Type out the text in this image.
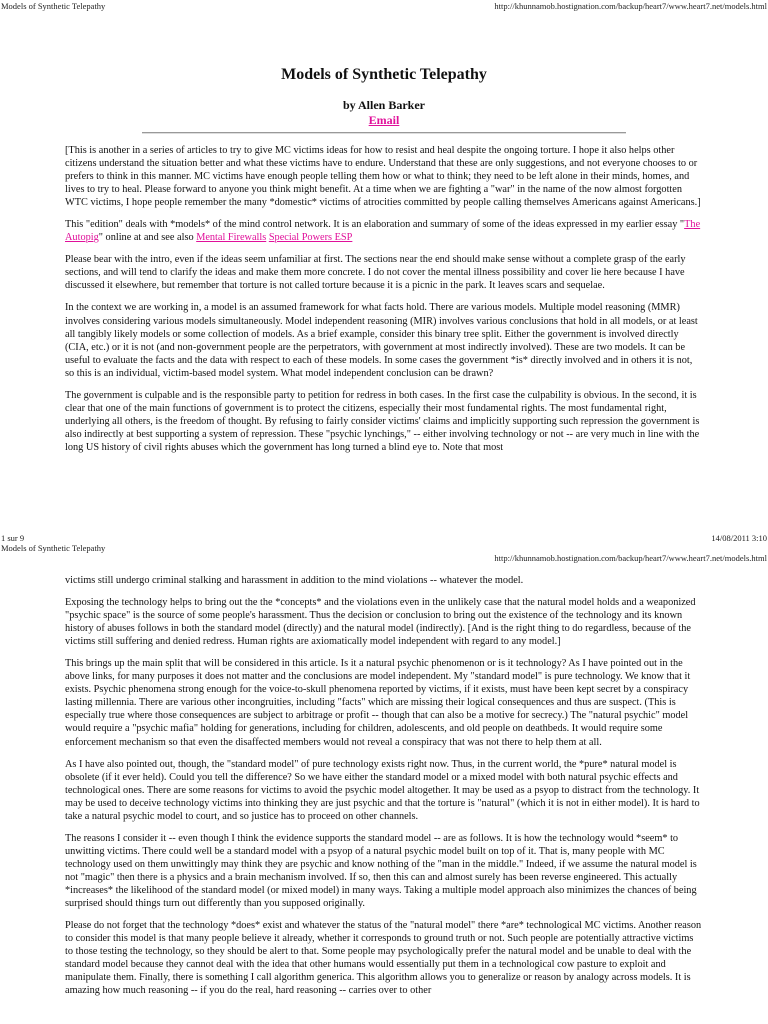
Models of Synthetic Telepathy	http://khunnamob.hostignation.com/backup/heart7/www.heart7.net/models.html
Models of Synthetic Telepathy
by Allen Barker
Email

[This is another in a series of articles to try to give MC victims ideas for how to resist and heal despite the ongoing torture. I hope it also helps other citizens understand the situation better and what these victims have to endure. Understand that these are only suggestions, and not everyone chooses to or prefers to think in this manner. MC victims have enough people telling them how or what to think; they need to be left alone in their minds, homes, and lives to try to heal. Please forward to anyone you think might benefit. At a time when we are fighting a "war" in the name of the now almost forgotten WTC victims, I hope people remember the many *domestic* victims of atrocities committed by people calling themselves Americans against Americans.]

This "edition" deals with *models* of the mind control network. It is an elaboration and summary of some of the ideas expressed in my earlier essay "The Autopig" online at and see also Mental Firewalls Special Powers ESP

Please bear with the intro, even if the ideas seem unfamiliar at first. The sections near the end should make sense without a complete grasp of the early sections, and will tend to clarify the ideas and make them more concrete. I do not cover the mental illness possibility and cover lie here because I have discussed it elsewhere, but remember that torture is not called torture because it is a picnic in the park. It leaves scars and sequelae.

In the context we are working in, a model is an assumed framework for what facts hold. There are various models. Multiple model reasoning (MMR) involves considering various models simultaneously. Model independent reasoning (MIR) involves various conclusions that hold in all models, or at least all tangibly likely models or some collection of models. As a brief example, consider this binary tree split. Either the government is involved directly (CIA, etc.) or it is not (and non-government people are the perpetrators, with government at most indirectly involved). These are two models. It can be useful to evaluate the facts and the data with respect to each of these models. In some cases the government *is* directly involved and in others it is not, so this is an individual, victim-based model system. What model independent conclusion can be drawn?

The government is culpable and is the responsible party to petition for redress in both cases. In the first case the culpability is obvious. In the second, it is clear that one of the main functions of government is to protect the citizens, especially their most fundamental rights. The most fundamental right, underlying all others, is the freedom of thought. By refusing to fairly consider victims' claims and implicitly supporting such repression the government is also indirectly at best supporting a system of repression. These "psychic lynchings," -- either involving technology or not -- are very much in line with the long US history of civil rights abuses which the government has long turned a blind eye to. Note that most

1 sur 9	14/08/2011 3:10
Models of Synthetic Telepathy
http://khunnamob.hostignation.com/backup/heart7/www.heart7.net/models.html

victims still undergo criminal stalking and harassment in addition to the mind violations -- whatever the model.

Exposing the technology helps to bring out the the *concepts* and the violations even in the unlikely case that the natural model holds and a weaponized "psychic space" is the source of some people's harassment. Thus the decision or conclusion to bring out the existence of the technology and its known history of abuses follows in both the standard model (directly) and the natural model (indirectly). [And is the right thing to do regardless, because of the victims still suffering and denied redress. Human rights are axiomatically model independent with regard to any model.]

This brings up the main split that will be considered in this article. Is it a natural psychic phenomenon or is it technology? As I have pointed out in the above links, for many purposes it does not matter and the conclusions are model independent. My "standard model" is pure technology. We know that it exists. Psychic phenomena strong enough for the voice-to-skull phenomena reported by victims, if it exists, must have been kept secret by a conspiracy lasting millennia. There are various other incongruities, including "facts" which are missing their logical consequences and thus are suspect. (This is especially true where those consequences are subject to arbitrage or profit -- though that can also be a motive for secrecy.) The "natural psychic" model would require a "psychic mafia" holding for generations, including for children, adolescents, and old people on deathbeds. It would require some enforcement mechanism so that even the disaffected members would not reveal a conspiracy that was not there to help them at all.

As I have also pointed out, though, the "standard model" of pure technology exists right now. Thus, in the current world, the *pure* natural model is obsolete (if it ever held). Could you tell the difference? So we have either the standard model or a mixed model with both natural psychic effects and technological ones. There are some reasons for victims to avoid the psychic model altogether. It may be used as a psyop to distract from the technology. It may be used to deceive technology victims into thinking they are just psychic and that the torture is "natural" (which it is not in either model). It is hard to take a natural psychic model to court, and so justice has to proceed on other channels.

The reasons I consider it -- even though I think the evidence supports the standard model -- are as follows. It is how the technology would *seem* to unwitting victims. There could well be a standard model with a psyop of a natural psychic model built on top of it. That is, many people with MC technology used on them unwittingly may think they are psychic and know nothing of the "man in the middle." Indeed, if we assume the natural model is not "magic" then there is a physics and a brain mechanism involved. If so, then this can and almost surely has been reverse engineered. This actually *increases* the likelihood of the standard model (or mixed model) in many ways. Taking a multiple model approach also minimizes the chances of being surprised should things turn out differently than you supposed originally.

Please do not forget that the technology *does* exist and whatever the status of the "natural model" there *are* technological MC victims. Another reason to consider this model is that many people believe it already, whether it corresponds to ground truth or not. Such people are potentially attractive victims to those testing the technology, so they should be alert to that. Some people may psychologically prefer the natural model and be unable to deal with the standard model because they cannot deal with the idea that other humans would essentially put them in a technological cow pasture to exploit and manipulate them. Finally, there is something I call algorithm generica. This algorithm allows you to generalize or reason by analogy across models. It is amazing how much reasoning -- if you do the real, hard reasoning -- carries over to other
